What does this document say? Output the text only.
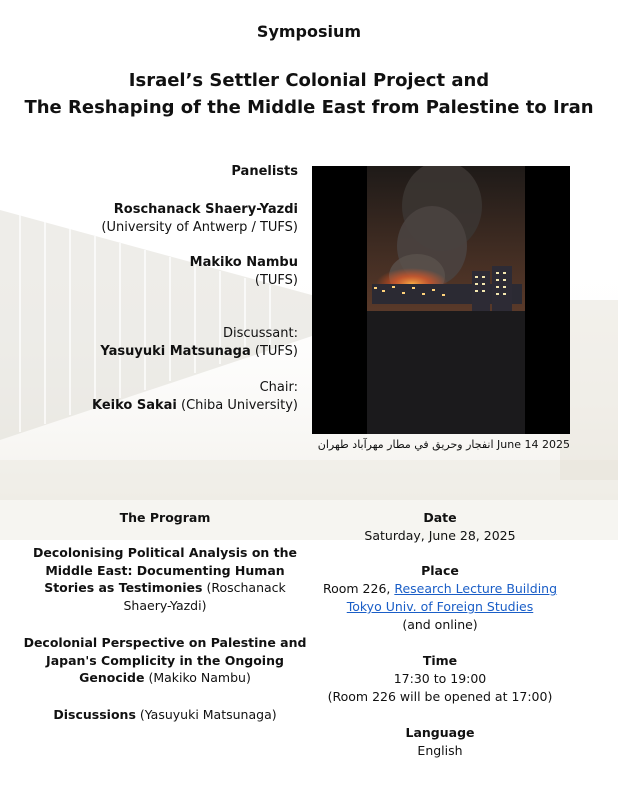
Symposium
Israel’s Settler Colonial Project and
The Reshaping of the Middle East from Palestine to Iran
Panelists
Roschanack Shaery-Yazdi
(University of Antwerp / TUFS)
Makiko Nambu
(TUFS)
Discussant:
Yasuyuki Matsunaga (TUFS)
Chair:
Keiko Sakai (Chiba University)
انفجار وحريق في مطار مهرآباد طهران June 14 2025
The Program
Decolonising Political Analysis on the Middle East: Documenting Human Stories as Testimonies (Roschanack Shaery-Yazdi)
Decolonial Perspective on Palestine and Japan's Complicity in the Ongoing Genocide (Makiko Nambu)
Discussions (Yasuyuki Matsunaga)
Date
Saturday, June 28, 2025
Place
Room 226, Research Lecture Building
Tokyo Univ. of Foreign Studies
(and online)
Time
17:30 to 19:00
(Room 226 will be opened at 17:00)
Language
English
